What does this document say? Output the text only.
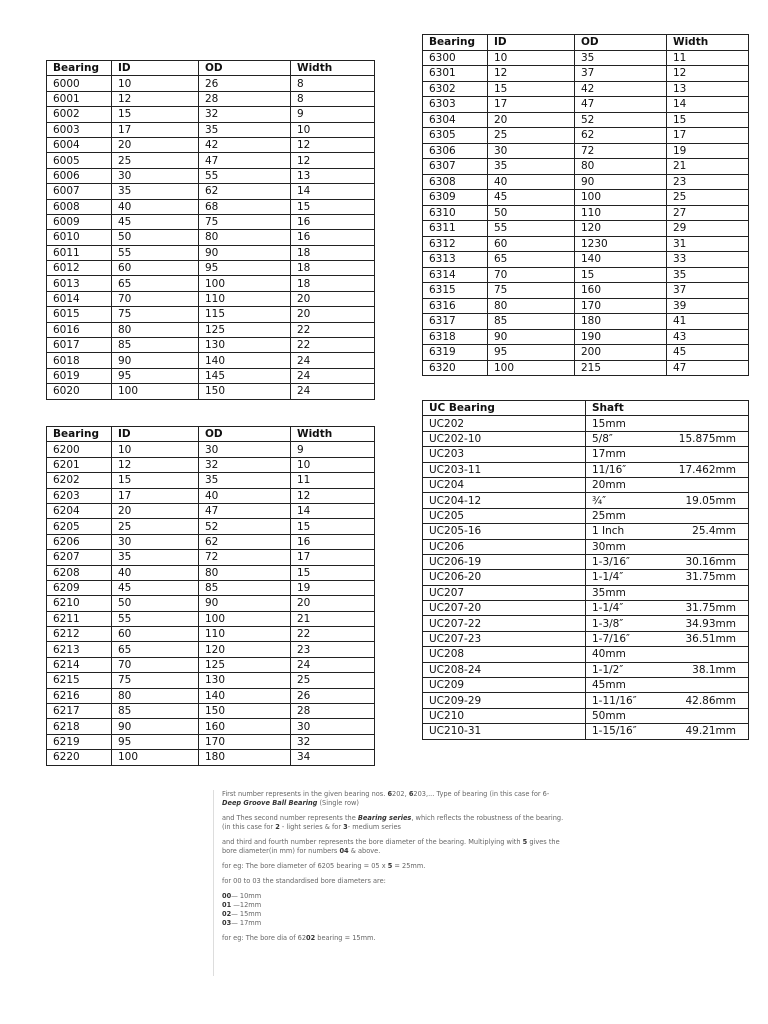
Bearing	ID	OD	Width
6000	10	26	8
6001	12	28	8
6002	15	32	9
6003	17	35	10
6004	20	42	12
6005	25	47	12
6006	30	55	13
6007	35	62	14
6008	40	68	15
6009	45	75	16
6010	50	80	16
6011	55	90	18
6012	60	95	18
6013	65	100	18
6014	70	110	20
6015	75	115	20
6016	80	125	22
6017	85	130	22
6018	90	140	24
6019	95	145	24
6020	100	150	24
Bearing	ID	OD	Width
6200	10	30	9
6201	12	32	10
6202	15	35	11
6203	17	40	12
6204	20	47	14
6205	25	52	15
6206	30	62	16
6207	35	72	17
6208	40	80	15
6209	45	85	19
6210	50	90	20
6211	55	100	21
6212	60	110	22
6213	65	120	23
6214	70	125	24
6215	75	130	25
6216	80	140	26
6217	85	150	28
6218	90	160	30
6219	95	170	32
6220	100	180	34
Bearing	ID	OD	Width
6300	10	35	11
6301	12	37	12
6302	15	42	13
6303	17	47	14
6304	20	52	15
6305	25	62	17
6306	30	72	19
6307	35	80	21
6308	40	90	23
6309	45	100	25
6310	50	110	27
6311	55	120	29
6312	60	1230	31
6313	65	140	33
6314	70	15	35
6315	75	160	37
6316	80	170	39
6317	85	180	41
6318	90	190	43
6319	95	200	45
6320	100	215	47
UC Bearing	Shaft
UC202	15mm

UC202-10	5/8″ 15.875mm

UC203	17mm

UC203-11	11/16″ 17.462mm

UC204	20mm

UC204-12	¾″ 19.05mm

UC205	25mm

UC205-16	1 Inch 25.4mm

UC206	30mm

UC206-19	1-3/16″ 30.16mm

UC206-20	1-1/4″ 31.75mm

UC207	35mm

UC207-20	1-1/4″ 31.75mm

UC207-22	1-3/8″ 34.93mm

UC207-23	1-7/16″ 36.51mm

UC208	40mm

UC208-24	1-1/2″ 38.1mm

UC209	45mm

UC209-29	1-11/16″ 42.86mm

UC210	50mm

UC210-31	1-15/16″ 49.21mm

First number represents in the given bearing nos. 6202, 6203,... Type of bearing (in this case for 6- Deep Groove Ball Bearing (Single row)

and Thes second number represents the Bearing series, which reflects the robustness of the bearing.(in this case for 2 - light series & for 3- medium series

and third and fourth number represents the bore diameter of the bearing. Multiplying with 5 gives the bore diameter(in mm) for numbers 04 & above.

for eg: The bore diameter of 6205 bearing = 05 x 5 = 25mm.

for 00 to 03 the standardised bore diameters are:

00— 10mm
01 —12mm
02— 15mm
03— 17mm

for eg: The bore dia of 6202 bearing = 15mm.
